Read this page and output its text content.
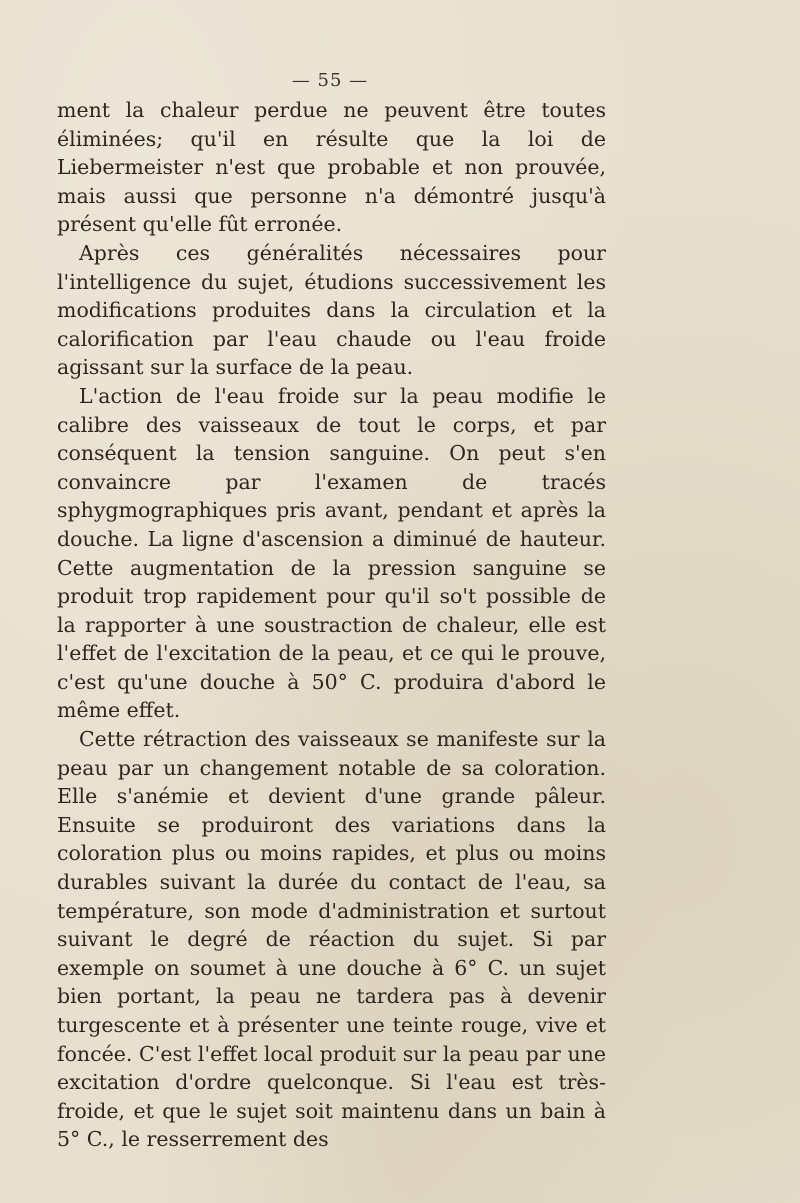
— 55 —

ment la chaleur perdue ne peuvent être toutes éliminées; qu'il en résulte que la loi de Liebermeister n'est que probable et non prouvée, mais aussi que personne n'a démontré jusqu'à présent qu'elle fût erronée.

Après ces généralités nécessaires pour l'intelligence du sujet, étudions successivement les modifications produites dans la circulation et la calorification par l'eau chaude ou l'eau froide agissant sur la surface de la peau.

L'action de l'eau froide sur la peau modifie le calibre des vaisseaux de tout le corps, et par conséquent la tension sanguine. On peut s'en convaincre par l'examen de tracés sphygmographiques pris avant, pendant et après la douche. La ligne d'ascension a diminué de hauteur. Cette augmentation de la pression sanguine se produit trop rapidement pour qu'il so't possible de la rapporter à une soustraction de chaleur, elle est l'effet de l'excitation de la peau, et ce qui le prouve, c'est qu'une douche à 50° C. produira d'abord le même effet.

Cette rétraction des vaisseaux se manifeste sur la peau par un changement notable de sa coloration. Elle s'anémie et devient d'une grande pâleur. Ensuite se produiront des variations dans la coloration plus ou moins rapides, et plus ou moins durables suivant la durée du contact de l'eau, sa température, son mode d'administration et surtout suivant le degré de réaction du sujet. Si par exemple on soumet à une douche à 6° C. un sujet bien portant, la peau ne tardera pas à devenir turgescente et à présenter une teinte rouge, vive et foncée. C'est l'effet local produit sur la peau par une excitation d'ordre quelconque. Si l'eau est très-froide, et que le sujet soit maintenu dans un bain à 5° C., le resserrement des
